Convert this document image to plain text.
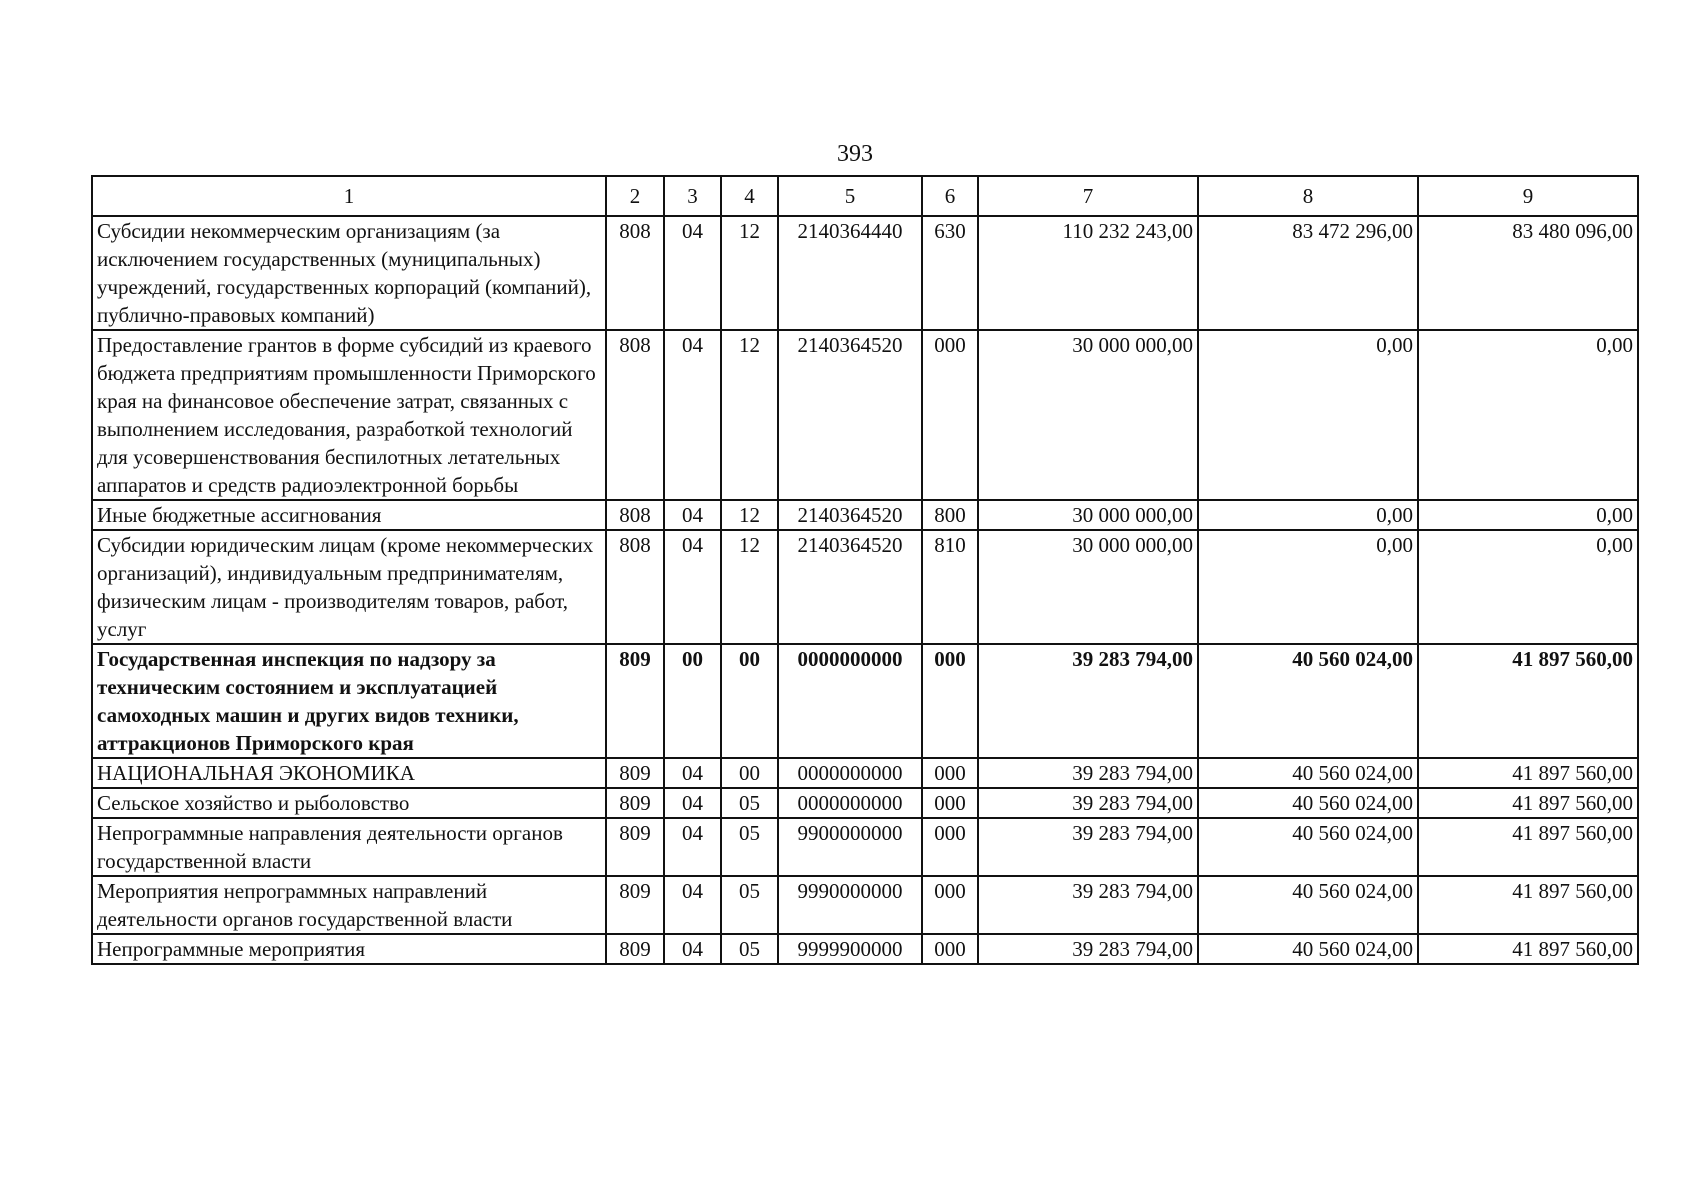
393
1	2	3	4	5	6	7	8	9
Субсидии некоммерческим организациям (за исключением государственных (муниципальных) учреждений, государственных корпораций (компаний), публично-правовых компаний)	808	04	12	2140364440	630	110 232 243,00	83 472 296,00	83 480 096,00
Предоставление грантов в форме субсидий из краевого бюджета предприятиям промышленности Приморского края на финансовое обеспечение затрат, связанных с выполнением исследования, разработкой технологий для усовершенствования беспилотных летательных аппаратов и средств радиоэлектронной борьбы	808	04	12	2140364520	000	30 000 000,00	0,00	0,00
Иные бюджетные ассигнования	808	04	12	2140364520	800	30 000 000,00	0,00	0,00
Субсидии юридическим лицам (кроме некоммерческих организаций), индивидуальным предпринимателям, физическим лицам - производителям товаров, работ, услуг	808	04	12	2140364520	810	30 000 000,00	0,00	0,00
Государственная инспекция по надзору за техническим состоянием и эксплуатацией самоходных машин и других видов техники, аттракционов Приморского края	809	00	00	0000000000	000	39 283 794,00	40 560 024,00	41 897 560,00
НАЦИОНАЛЬНАЯ ЭКОНОМИКА	809	04	00	0000000000	000	39 283 794,00	40 560 024,00	41 897 560,00
Сельское хозяйство и рыболовство	809	04	05	0000000000	000	39 283 794,00	40 560 024,00	41 897 560,00
Непрограммные направления деятельности органов государственной власти	809	04	05	9900000000	000	39 283 794,00	40 560 024,00	41 897 560,00
Мероприятия непрограммных направлений деятельности органов государственной власти	809	04	05	9990000000	000	39 283 794,00	40 560 024,00	41 897 560,00
Непрограммные мероприятия	809	04	05	9999900000	000	39 283 794,00	40 560 024,00	41 897 560,00
